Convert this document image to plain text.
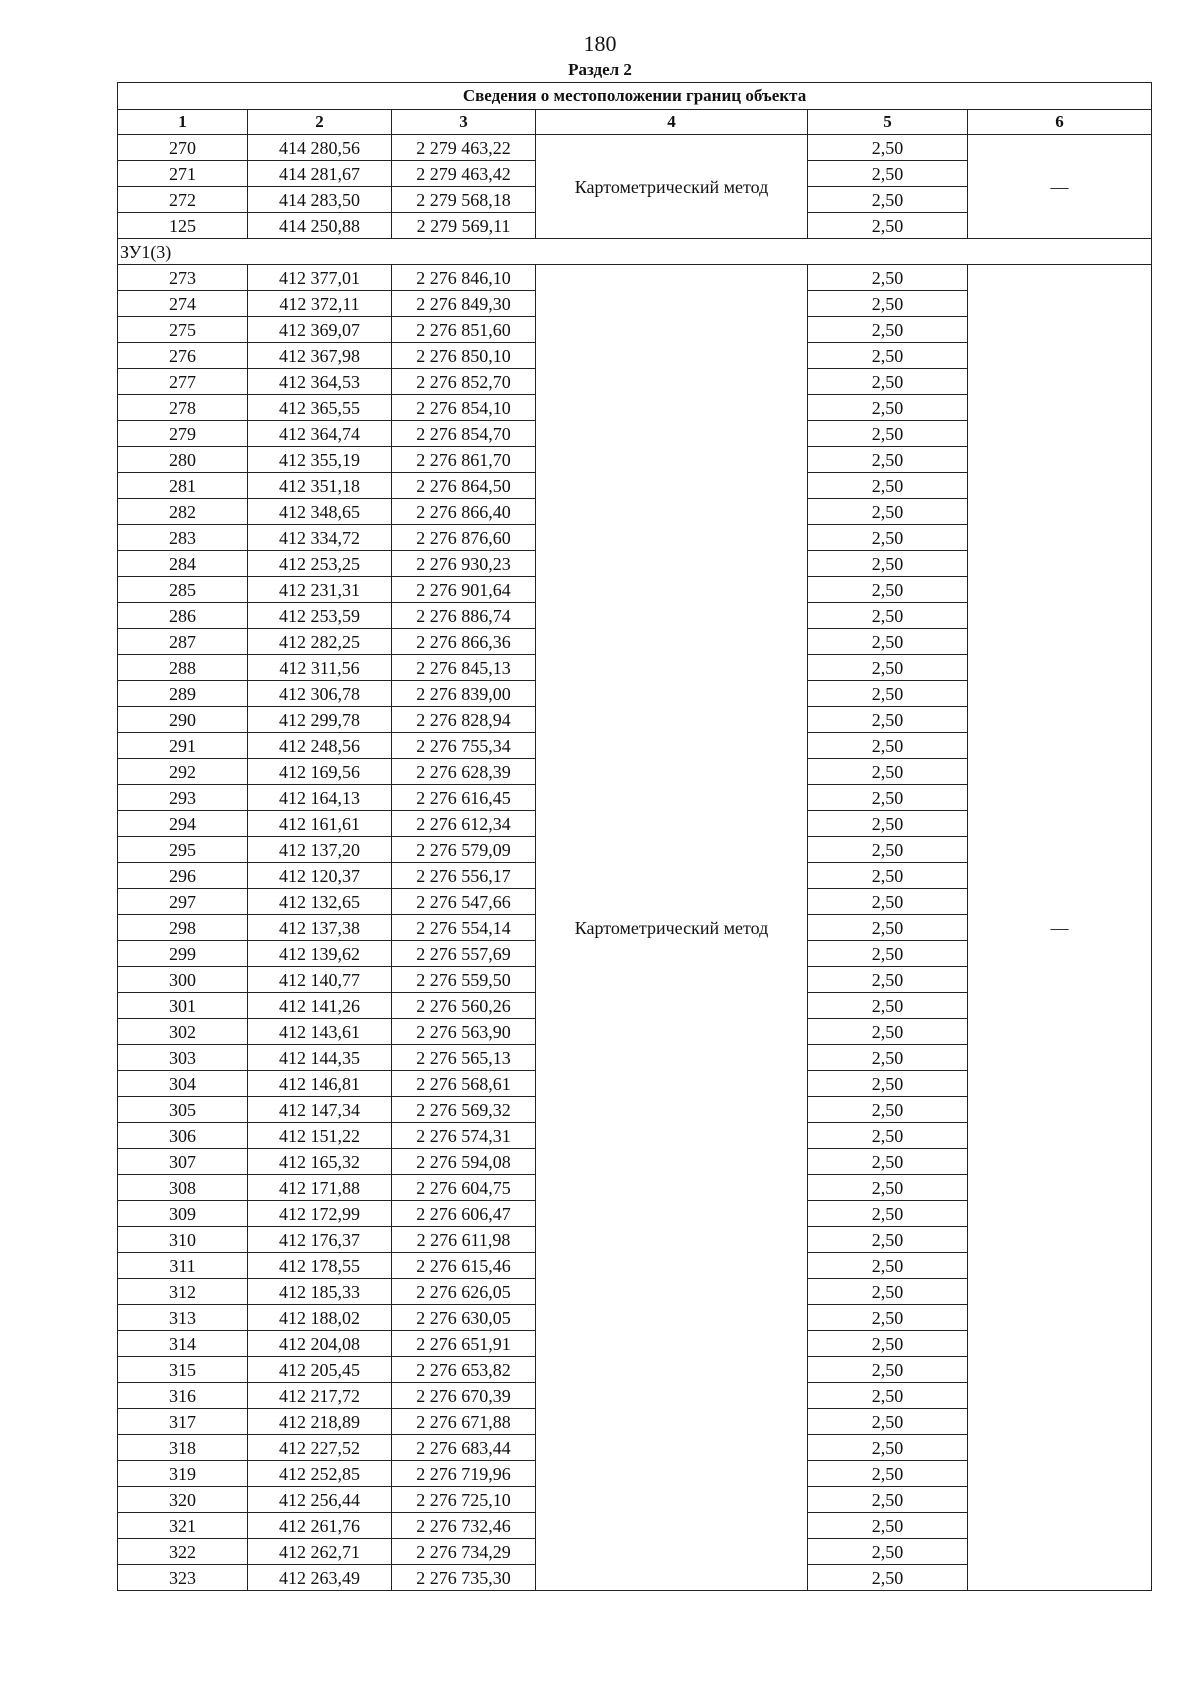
180
Раздел 2
Сведения о местоположении границ объекта					
1	2	3	4	5	6
270	414 280,56	2 279 463,22	Картометрический метод	2,50	—
271	414 281,67	2 279 463,42		2,50	
272	414 283,50	2 279 568,18		2,50	
125	414 250,88	2 279 569,11		2,50	
ЗУ1(3)					
273	412 377,01	2 276 846,10	Картометрический метод	2,50	—
274	412 372,11	2 276 849,30		2,50	
275	412 369,07	2 276 851,60		2,50	
276	412 367,98	2 276 850,10		2,50	
277	412 364,53	2 276 852,70		2,50	
278	412 365,55	2 276 854,10		2,50	
279	412 364,74	2 276 854,70		2,50	
280	412 355,19	2 276 861,70		2,50	
281	412 351,18	2 276 864,50		2,50	
282	412 348,65	2 276 866,40		2,50	
283	412 334,72	2 276 876,60		2,50	
284	412 253,25	2 276 930,23		2,50	
285	412 231,31	2 276 901,64		2,50	
286	412 253,59	2 276 886,74		2,50	
287	412 282,25	2 276 866,36		2,50	
288	412 311,56	2 276 845,13		2,50	
289	412 306,78	2 276 839,00		2,50	
290	412 299,78	2 276 828,94		2,50	
291	412 248,56	2 276 755,34		2,50	
292	412 169,56	2 276 628,39		2,50	
293	412 164,13	2 276 616,45		2,50	
294	412 161,61	2 276 612,34		2,50	
295	412 137,20	2 276 579,09		2,50	
296	412 120,37	2 276 556,17		2,50	
297	412 132,65	2 276 547,66		2,50	
298	412 137,38	2 276 554,14		2,50	
299	412 139,62	2 276 557,69		2,50	
300	412 140,77	2 276 559,50		2,50	
301	412 141,26	2 276 560,26		2,50	
302	412 143,61	2 276 563,90		2,50	
303	412 144,35	2 276 565,13		2,50	
304	412 146,81	2 276 568,61		2,50	
305	412 147,34	2 276 569,32		2,50	
306	412 151,22	2 276 574,31		2,50	
307	412 165,32	2 276 594,08		2,50	
308	412 171,88	2 276 604,75		2,50	
309	412 172,99	2 276 606,47		2,50	
310	412 176,37	2 276 611,98		2,50	
311	412 178,55	2 276 615,46		2,50	
312	412 185,33	2 276 626,05		2,50	
313	412 188,02	2 276 630,05		2,50	
314	412 204,08	2 276 651,91		2,50	
315	412 205,45	2 276 653,82		2,50	
316	412 217,72	2 276 670,39		2,50	
317	412 218,89	2 276 671,88		2,50	
318	412 227,52	2 276 683,44		2,50	
319	412 252,85	2 276 719,96		2,50	
320	412 256,44	2 276 725,10		2,50	
321	412 261,76	2 276 732,46		2,50	
322	412 262,71	2 276 734,29		2,50	
323	412 263,49	2 276 735,30		2,50	
